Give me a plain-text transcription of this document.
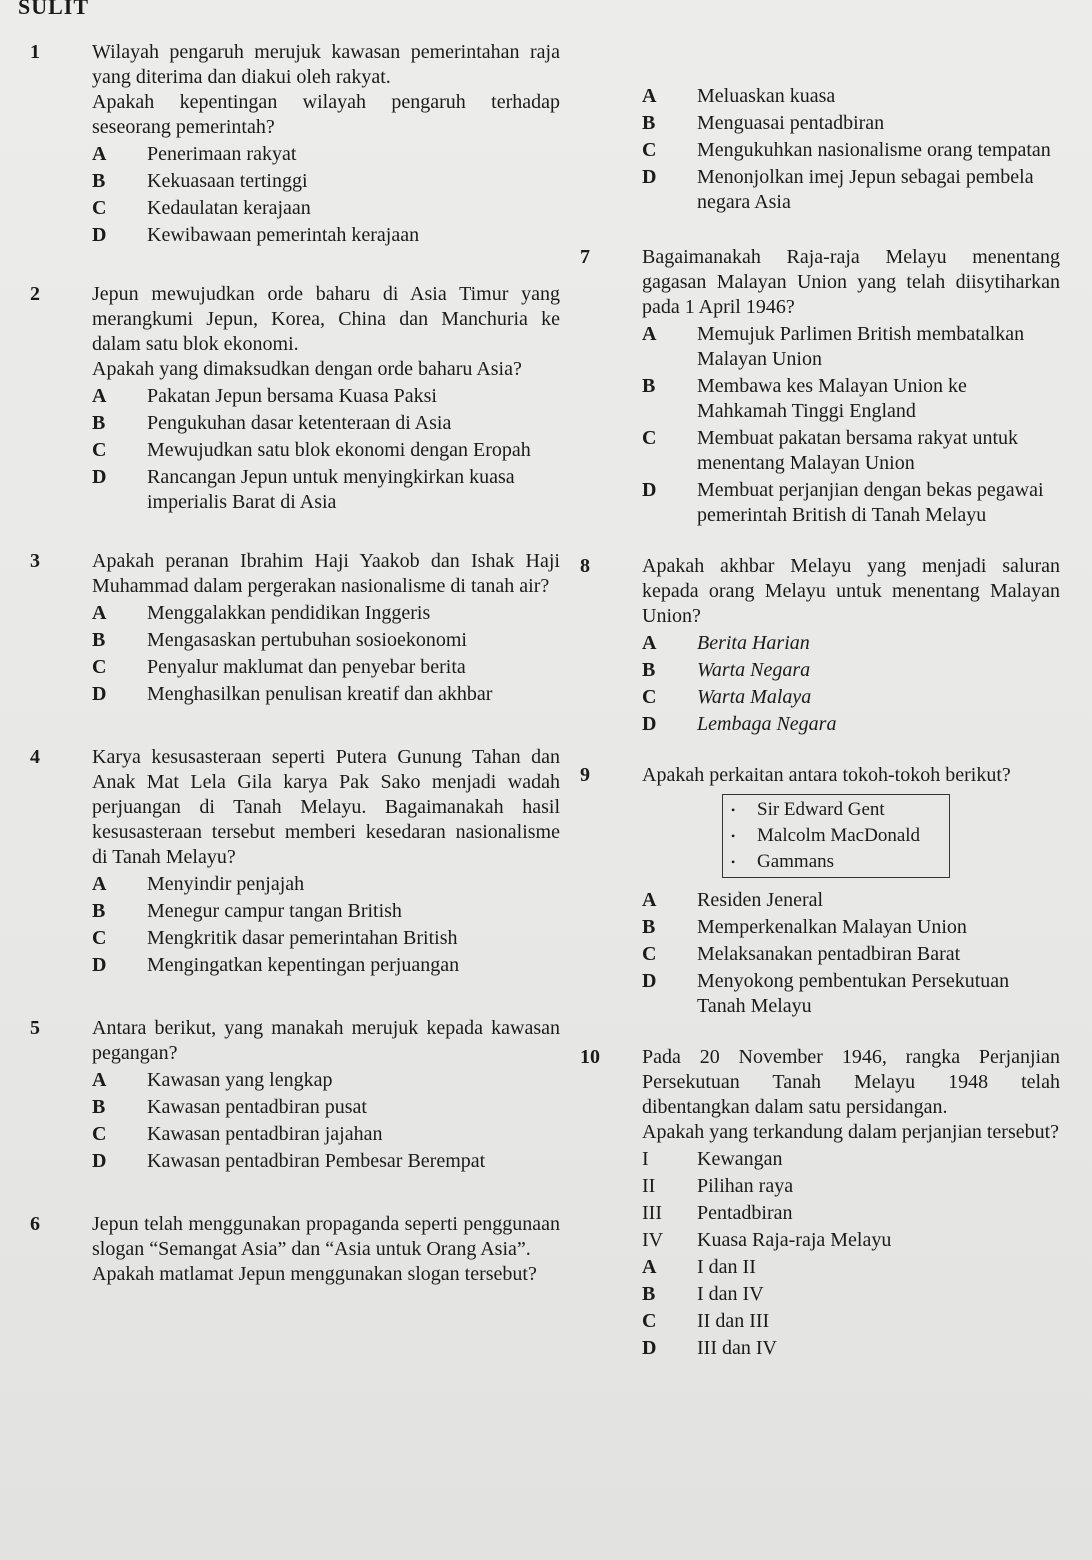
SULIT
1	Wilayah pengaruh merujuk kawasan pemerintahan raja yang diterima dan diakui oleh rakyat.
Apakah kepentingan wilayah pengaruh terhadap seseorang pemerintah?
A	Penerimaan rakyat
B	Kekuasaan tertinggi
C	Kedaulatan kerajaan
D	Kewibawaan pemerintah kerajaan
2	Jepun mewujudkan orde baharu di Asia Timur yang merangkumi Jepun, Korea, China dan Manchuria ke dalam satu blok ekonomi.
Apakah yang dimaksudkan dengan orde baharu Asia?
A	Pakatan Jepun bersama Kuasa Paksi
B	Pengukuhan dasar ketenteraan di Asia
C	Mewujudkan satu blok ekonomi dengan Eropah
D	Rancangan Jepun untuk menyingkirkan kuasa imperialis Barat di Asia
3	Apakah peranan Ibrahim Haji Yaakob dan Ishak Haji Muhammad dalam pergerakan nasionalisme di tanah air?
A	Menggalakkan pendidikan Inggeris
B	Mengasaskan pertubuhan sosioekonomi
C	Penyalur maklumat dan penyebar berita
D	Menghasilkan penulisan kreatif dan akhbar
4	Karya kesusasteraan seperti Putera Gunung Tahan dan Anak Mat Lela Gila karya Pak Sako menjadi wadah perjuangan di Tanah Melayu. Bagaimanakah hasil kesusasteraan tersebut memberi kesedaran nasionalisme di Tanah Melayu?
A	Menyindir penjajah
B	Menegur campur tangan British
C	Mengkritik dasar pemerintahan British
D	Mengingatkan kepentingan perjuangan
5	Antara berikut, yang manakah merujuk kepada kawasan pegangan?
A	Kawasan yang lengkap
B	Kawasan pentadbiran pusat
C	Kawasan pentadbiran jajahan
D	Kawasan pentadbiran Pembesar Berempat
6	Jepun telah menggunakan propaganda seperti penggunaan slogan “Semangat Asia” dan “Asia untuk Orang Asia”.
Apakah matlamat Jepun menggunakan slogan tersebut?
A	Meluaskan kuasa
B	Menguasai pentadbiran
C	Mengukuhkan nasionalisme orang tempatan
D	Menonjolkan imej Jepun sebagai pembela negara Asia
7	Bagaimanakah Raja-raja Melayu menentang gagasan Malayan Union yang telah diisytiharkan pada 1 April 1946?
A	Memujuk Parlimen British membatalkan Malayan Union
B	Membawa kes Malayan Union ke Mahkamah Tinggi England
C	Membuat pakatan bersama rakyat untuk menentang Malayan Union
D	Membuat perjanjian dengan bekas pegawai pemerintah British di Tanah Melayu
8	Apakah akhbar Melayu yang menjadi saluran kepada orang Melayu untuk menentang Malayan Union?
A	Berita Harian
B	Warta Negara
C	Warta Malaya
D	Lembaga Negara
9	Apakah perkaitan antara tokoh-tokoh berikut?
• Sir Edward Gent
• Malcolm MacDonald
• Gammans
A	Residen Jeneral
B	Memperkenalkan Malayan Union
C	Melaksanakan pentadbiran Barat
D	Menyokong pembentukan Persekutuan Tanah Melayu
10 Pada 20 November 1946, rangka Perjanjian Persekutuan Tanah Melayu 1948 telah dibentangkan dalam satu persidangan.
Apakah yang terkandung dalam perjanjian tersebut?
I	Kewangan
II	Pilihan raya
III	Pentadbiran
IV	Kuasa Raja-raja Melayu
A	I dan II
B	I dan IV
C	II dan III
D	III dan IV
